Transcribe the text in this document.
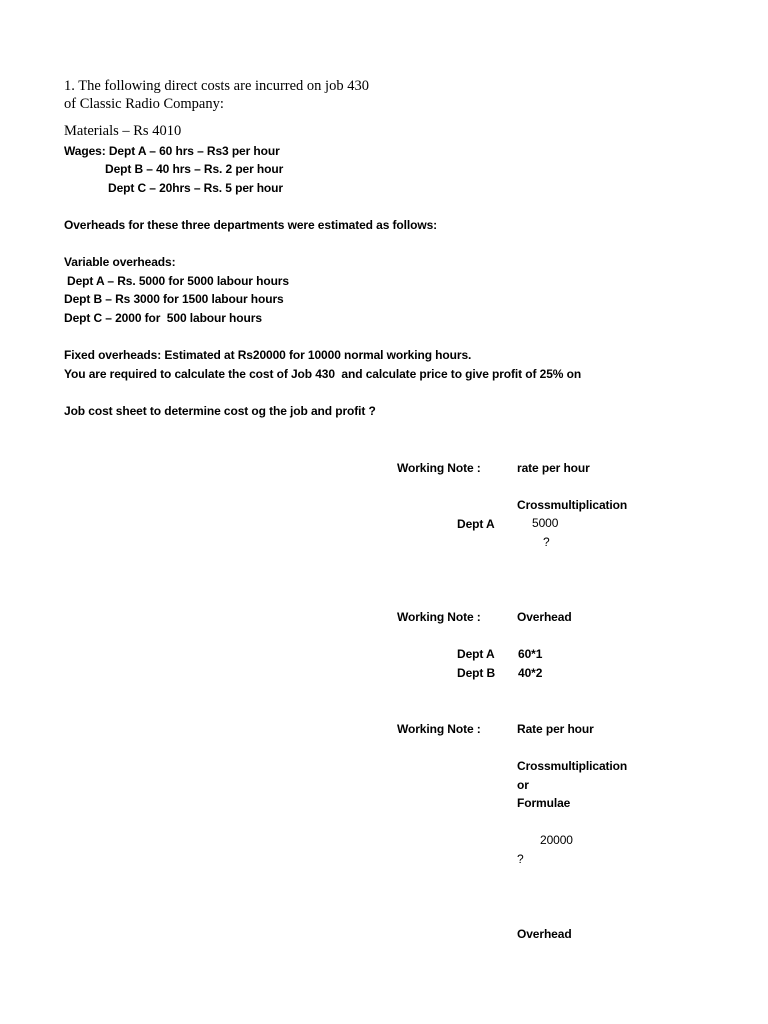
1. The following direct costs are incurred on job 430
of Classic Radio Company:
Materials – Rs 4010
Wages: Dept A – 60 hrs – Rs3 per hour
Dept B – 40 hrs – Rs. 2 per hour
Dept C – 20hrs – Rs. 5 per hour
Overheads for these three departments were estimated as follows:
Variable overheads:
Dept A – Rs. 5000 for 5000 labour hours
Dept B – Rs 3000 for 1500 labour hours
Dept C – 2000 for  500 labour hours
Fixed overheads: Estimated at Rs20000 for 10000 normal working hours.
You are required to calculate the cost of Job 430  and calculate price to give profit of 25% on
Job cost sheet to determine cost og the job and profit ?
Working Note :	rate per hour
Crossmultiplication
Dept A	5000
?
Working Note :	Overhead
Dept A 60*1
Dept B 40*2
Working Note :	Rate per hour
Crossmultiplication
or
Formulae
20000
?
Overhead
